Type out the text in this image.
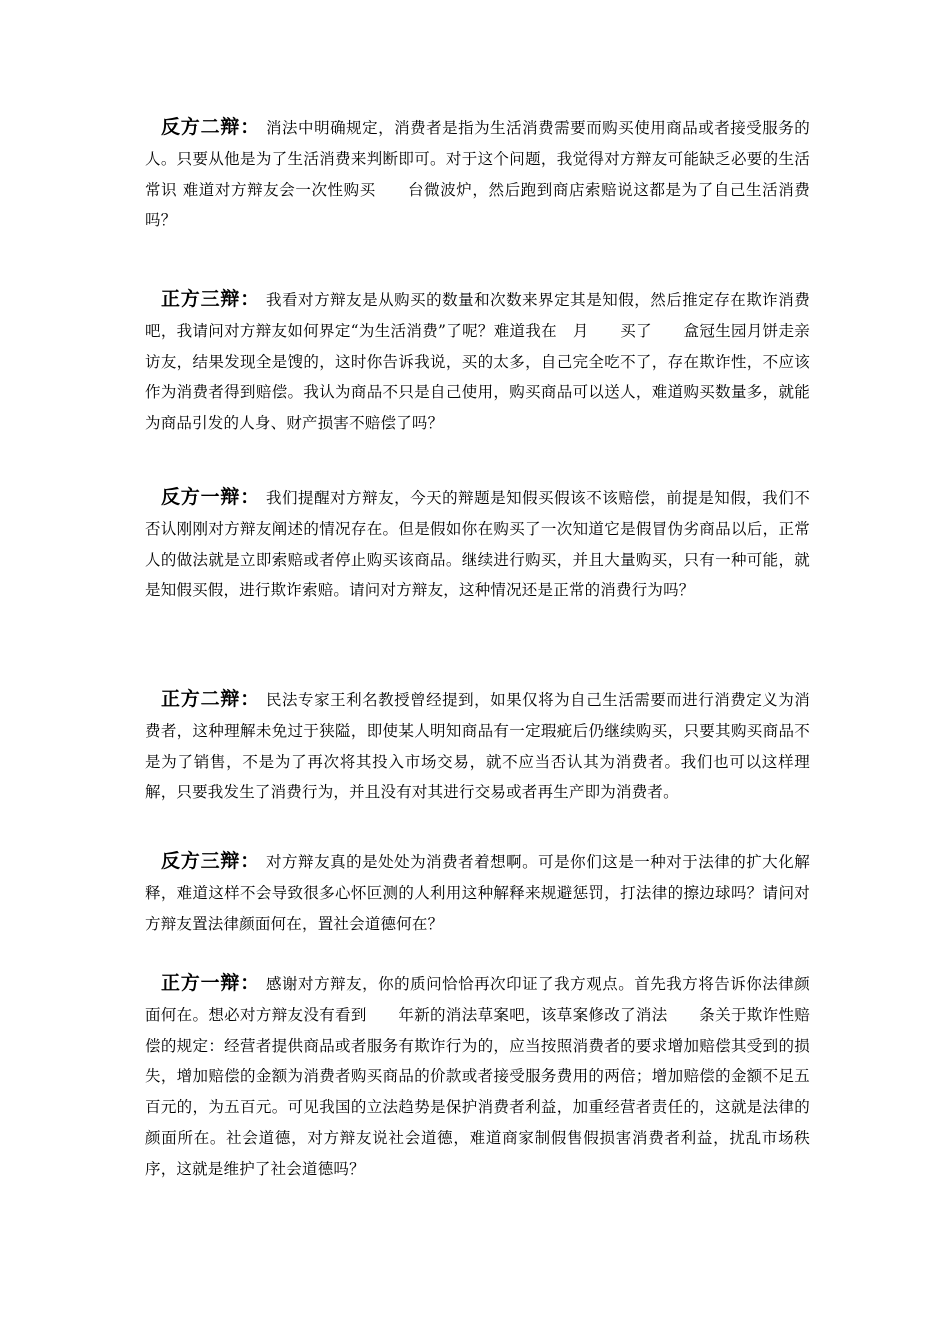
反方二辩： 消法中明确规定，消费者是指为生活消费需要而购买使用商品或者接受服务的人。只要从他是为了生活消费来判断即可。对于这个问题，我觉得对方辩友可能缺乏必要的生活常识 难道对方辩友会一次性购买　　台微波炉，然后跑到商店索赔说这都是为了自己生活消费吗？

正方三辩： 我看对方辩友是从购买的数量和次数来界定其是知假，然后推定存在欺诈消费吧，我请问对方辩友如何界定“为生活消费”了呢？难道我在　月　　买了　　盒冠生园月饼走亲访友，结果发现全是馊的，这时你告诉我说，买的太多，自己完全吃不了，存在欺诈性，不应该作为消费者得到赔偿。我认为商品不只是自己使用，购买商品可以送人，难道购买数量多，就能为商品引发的人身、财产损害不赔偿了吗？

反方一辩： 我们提醒对方辩友，今天的辩题是知假买假该不该赔偿，前提是知假，我们不否认刚刚对方辩友阐述的情况存在。但是假如你在购买了一次知道它是假冒伪劣商品以后，正常人的做法就是立即索赔或者停止购买该商品。继续进行购买，并且大量购买，只有一种可能，就是知假买假，进行欺诈索赔。请问对方辩友，这种情况还是正常的消费行为吗？

正方二辩： 民法专家王利名教授曾经提到，如果仅将为自己生活需要而进行消费定义为消费者，这种理解未免过于狭隘，即使某人明知商品有一定瑕疵后仍继续购买，只要其购买商品不是为了销售，不是为了再次将其投入市场交易，就不应当否认其为消费者。我们也可以这样理解，只要我发生了消费行为，并且没有对其进行交易或者再生产即为消费者。

反方三辩： 对方辩友真的是处处为消费者着想啊。可是你们这是一种对于法律的扩大化解释，难道这样不会导致很多心怀叵测的人利用这种解释来规避惩罚，打法律的擦边球吗？请问对方辩友置法律颜面何在，置社会道德何在？

正方一辩： 感谢对方辩友，你的质问恰恰再次印证了我方观点。首先我方将告诉你法律颜面何在。想必对方辩友没有看到　　年新的消法草案吧，该草案修改了消法　　条关于欺诈性赔偿的规定：经营者提供商品或者服务有欺诈行为的，应当按照消费者的要求增加赔偿其受到的损失，增加赔偿的金额为消费者购买商品的价款或者接受服务费用的两倍；增加赔偿的金额不足五百元的，为五百元。可见我国的立法趋势是保护消费者利益，加重经营者责任的，这就是法律的颜面所在。社会道德，对方辩友说社会道德，难道商家制假售假损害消费者利益，扰乱市场秩序，这就是维护了社会道德吗？
